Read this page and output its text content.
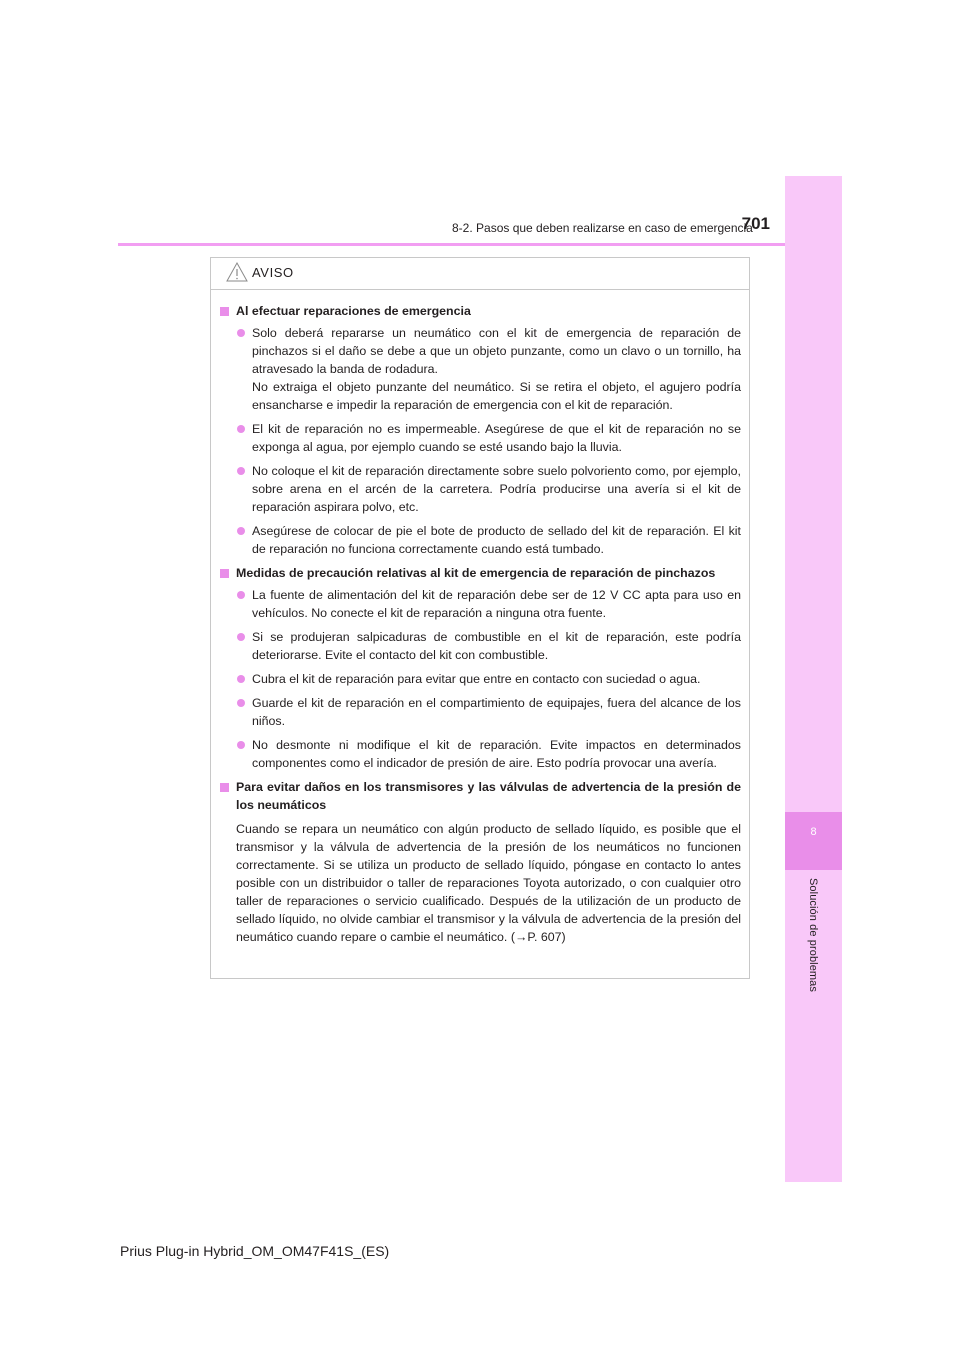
8
Solución de problemas
8-2. Pasos que deben realizarse en caso de emergencia
701
AVISO
Al efectuar reparaciones de emergencia
Solo deberá repararse un neumático con el kit de emergencia de reparación de pinchazos si el daño se debe a que un objeto punzante, como un clavo o un tornillo, ha atravesado la banda de rodadura.
No extraiga el objeto punzante del neumático. Si se retira el objeto, el agujero podría ensancharse e impedir la reparación de emergencia con el kit de reparación.
El kit de reparación no es impermeable. Asegúrese de que el kit de reparación no se exponga al agua, por ejemplo cuando se esté usando bajo la lluvia.
No coloque el kit de reparación directamente sobre suelo polvoriento como, por ejemplo, sobre arena en el arcén de la carretera. Podría producirse una avería si el kit de reparación aspirara polvo, etc.
Asegúrese de colocar de pie el bote de producto de sellado del kit de reparación. El kit de reparación no funciona correctamente cuando está tumbado.
Medidas de precaución relativas al kit de emergencia de reparación de pinchazos
La fuente de alimentación del kit de reparación debe ser de 12 V CC apta para uso en vehículos. No conecte el kit de reparación a ninguna otra fuente.
Si se produjeran salpicaduras de combustible en el kit de reparación, este podría deteriorarse. Evite el contacto del kit con combustible.
Cubra el kit de reparación para evitar que entre en contacto con suciedad o agua.
Guarde el kit de reparación en el compartimiento de equipajes, fuera del alcance de los niños.
No desmonte ni modifique el kit de reparación. Evite impactos en determinados componentes como el indicador de presión de aire. Esto podría provocar una avería.
Para evitar daños en los transmisores y las válvulas de advertencia de la presión de los neumáticos
Cuando se repara un neumático con algún producto de sellado líquido, es posible que el transmisor y la válvula de advertencia de la presión de los neumáticos no funcionen correctamente. Si se utiliza un producto de sellado líquido, póngase en contacto lo antes posible con un distribuidor o taller de reparaciones Toyota autorizado, o con cualquier otro taller de reparaciones o servicio cualificado. Después de la utilización de un producto de sellado líquido, no olvide cambiar el transmisor y la válvula de advertencia de la presión del neumático cuando repare o cambie el neumático. (→P. 607)
Prius Plug-in Hybrid_OM_OM47F41S_(ES)
